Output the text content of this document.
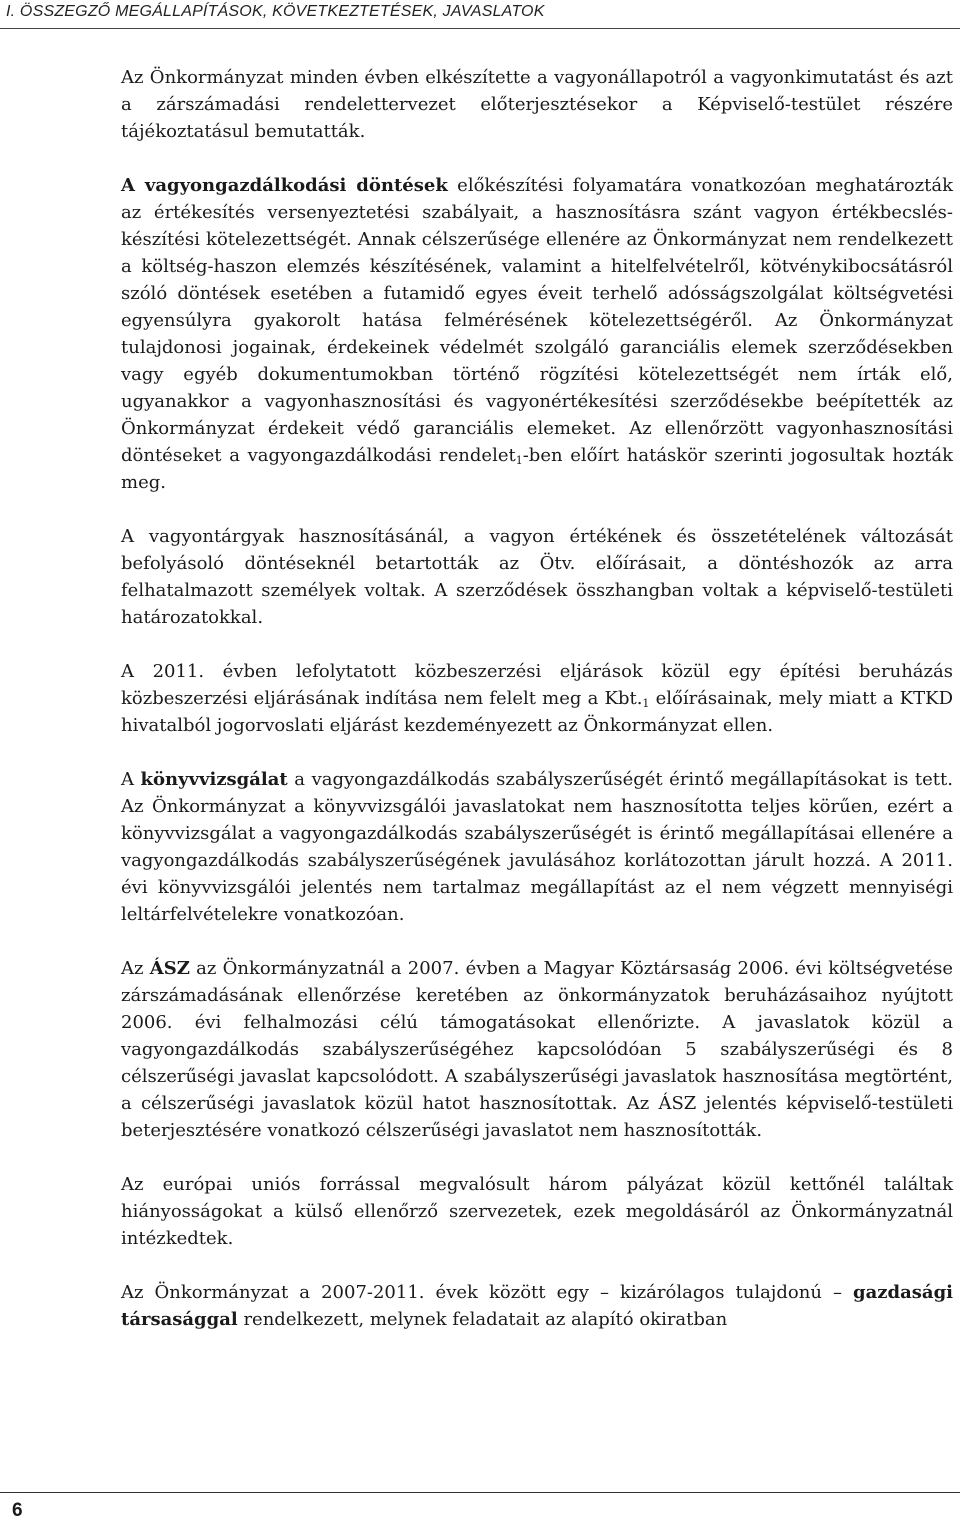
I. ÖSSZEGZŐ MEGÁLLAPÍTÁSOK, KÖVETKEZTETÉSEK, JAVASLATOK

Az Önkormányzat minden évben elkészítette a vagyonállapotról a vagyonkimutatást és azt a zárszámadási rendelettervezet előterjesztésekor a Képviselő-testület részére tájékoztatásul bemutatták.

A vagyongazdálkodási döntések előkészítési folyamatára vonatkozóan meghatározták az értékesítés versenyeztetési szabályait, a hasznosításra szánt vagyon értékbecslés-készítési kötelezettségét. Annak célszerűsége ellenére az Önkormányzat nem rendelkezett a költség-haszon elemzés készítésének, valamint a hitelfelvételről, kötvénykibocsátásról szóló döntések esetében a futamidő egyes éveit terhelő adósságszolgálat költségvetési egyensúlyra gyakorolt hatása felmérésének kötelezettségéről. Az Önkormányzat tulajdonosi jogainak, érdekeinek védelmét szolgáló garanciális elemek szerződésekben vagy egyéb dokumentumokban történő rögzítési kötelezettségét nem írták elő, ugyanakkor a vagyonhasznosítási és vagyonértékesítési szerződésekbe beépítették az Önkormányzat érdekeit védő garanciális elemeket. Az ellenőrzött vagyonhasznosítási döntéseket a vagyongazdálkodási rendelet$_1$-ben előírt hatáskör szerinti jogosultak hozták meg.

A vagyontárgyak hasznosításánál, a vagyon értékének és összetételének változását befolyásoló döntéseknél betartották az Ötv. előírásait, a döntéshozók az arra felhatalmazott személyek voltak. A szerződések összhangban voltak a képviselő-testületi határozatokkal.

A 2011. évben lefolytatott közbeszerzési eljárások közül egy építési beruházás közbeszerzési eljárásának indítása nem felelt meg a $Kbt._1$ előírásainak, mely miatt a KTKD hivatalból jogorvoslati eljárást kezdeményezett az Önkormányzat ellen.

A könyvvizsgálat a vagyongazdálkodás szabályszerűségét érintő megállapításokat is tett. Az Önkormányzat a könyvvizsgálói javaslatokat nem hasznosította teljes körűen, ezért a könyvvizsgálat a vagyongazdálkodás szabályszerűségét is érintő megállapításai ellenére a vagyongazdálkodás szabályszerűségének javulásához korlátozottan járult hozzá. A 2011. évi könyvvizsgálói jelentés nem tartalmaz megállapítást az el nem végzett mennyiségi leltárfelvételekre vonatkozóan.

Az ÁSZ az Önkormányzatnál a 2007. évben a Magyar Köztársaság 2006. évi költségvetése zárszámadásának ellenőrzése keretében az önkormányzatok beruházásaihoz nyújtott 2006. évi felhalmozási célú támogatásokat ellenőrizte. A javaslatok közül a vagyongazdálkodás szabályszerűségéhez kapcsolódóan 5 szabályszerűségi és 8 célszerűségi javaslat kapcsolódott. A szabályszerűségi javaslatok hasznosítása megtörtént, a célszerűségi javaslatok közül hatot hasznosítottak. Az ÁSZ jelentés képviselő-testületi beterjesztésére vonatkozó célszerűségi javaslatot nem hasznosították.

Az európai uniós forrással megvalósult három pályázat közül kettőnél találtak hiányosságokat a külső ellenőrző szervezetek, ezek megoldásáról az Önkormányzatnál intézkedtek.

Az Önkormányzat a 2007-2011. évek között egy – kizárólagos tulajdonú – gazdasági társasággal rendelkezett, melynek feladatait az alapító okiratban

6
